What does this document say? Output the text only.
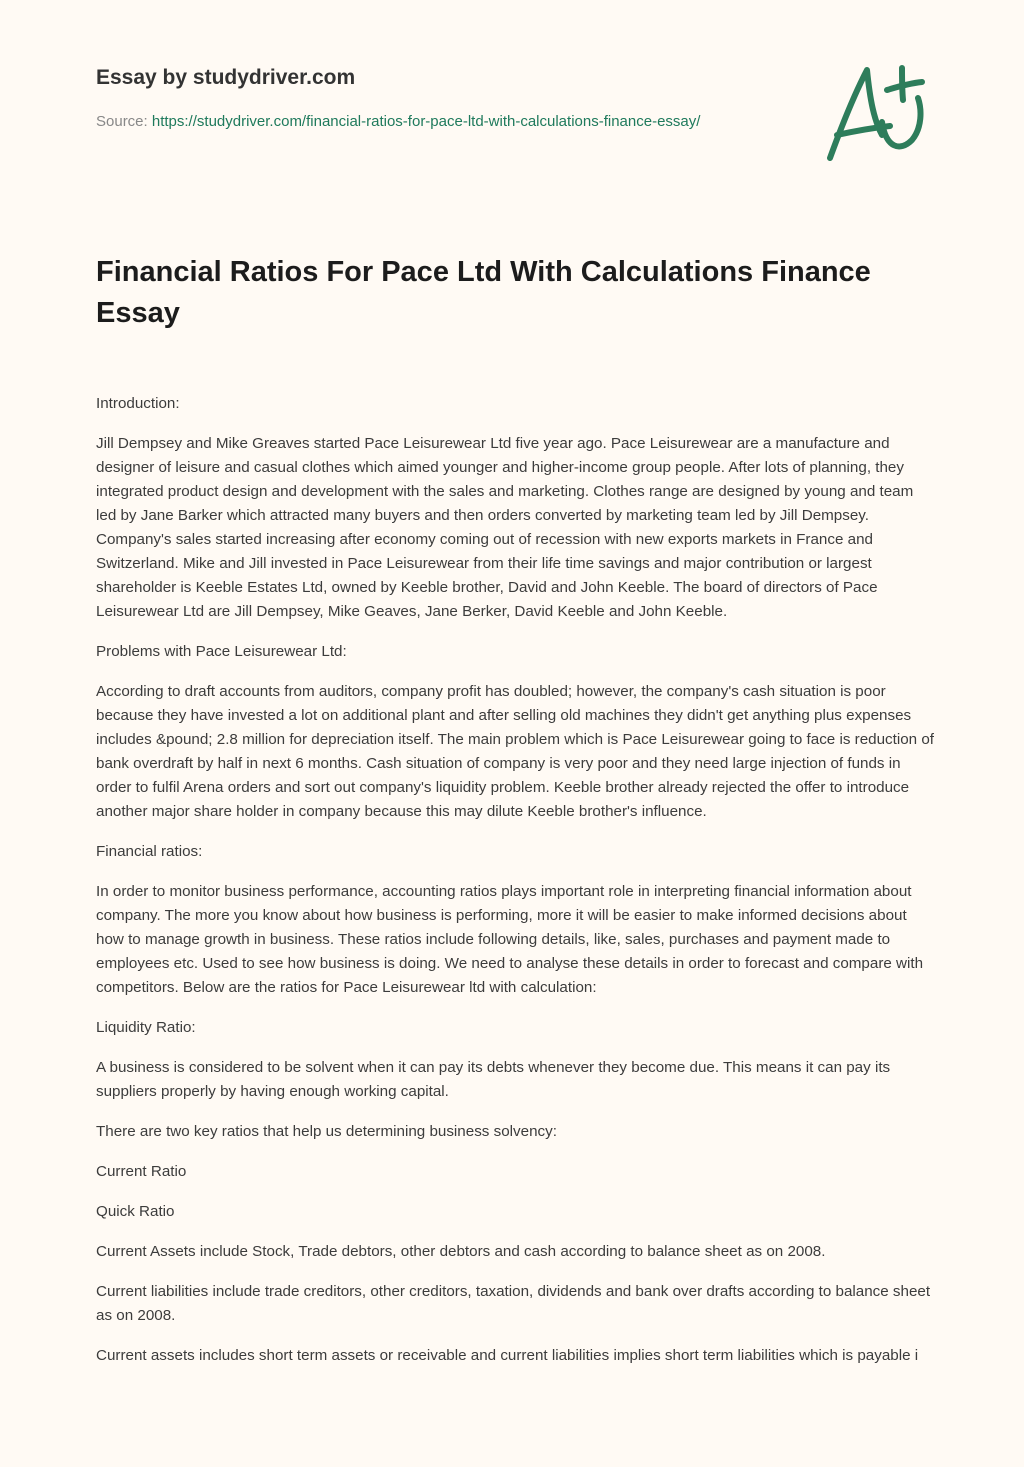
Essay by studydriver.com
Source: https://studydriver.com/financial-ratios-for-pace-ltd-with-calculations-finance-essay/
Financial Ratios For Pace Ltd With Calculations Finance Essay

Introduction:

Jill Dempsey and Mike Greaves started Pace Leisurewear Ltd five year ago. Pace Leisurewear are a manufacture and designer of leisure and casual clothes which aimed younger and higher-income group people. After lots of planning, they integrated product design and development with the sales and marketing. Clothes range are designed by young and team led by Jane Barker which attracted many buyers and then orders converted by marketing team led by Jill Dempsey. Company's sales started increasing after economy coming out of recession with new exports markets in France and Switzerland. Mike and Jill invested in Pace Leisurewear from their life time savings and major contribution or largest shareholder is Keeble Estates Ltd, owned by Keeble brother, David and John Keeble. The board of directors of Pace Leisurewear Ltd are Jill Dempsey, Mike Geaves, Jane Berker, David Keeble and John Keeble.

Problems with Pace Leisurewear Ltd:

According to draft accounts from auditors, company profit has doubled; however, the company's cash situation is poor because they have invested a lot on additional plant and after selling old machines they didn't get anything plus expenses includes &pound; 2.8 million for depreciation itself. The main problem which is Pace Leisurewear going to face is reduction of bank overdraft by half in next 6 months. Cash situation of company is very poor and they need large injection of funds in order to fulfil Arena orders and sort out company's liquidity problem. Keeble brother already rejected the offer to introduce another major share holder in company because this may dilute Keeble brother's influence.

Financial ratios:

In order to monitor business performance, accounting ratios plays important role in interpreting financial information about company. The more you know about how business is performing, more it will be easier to make informed decisions about how to manage growth in business. These ratios include following details, like, sales, purchases and payment made to employees etc. Used to see how business is doing. We need to analyse these details in order to forecast and compare with competitors. Below are the ratios for Pace Leisurewear ltd with calculation:

Liquidity Ratio:

A business is considered to be solvent when it can pay its debts whenever they become due. This means it can pay its suppliers properly by having enough working capital.

There are two key ratios that help us determining business solvency:

Current Ratio

Quick Ratio

Current Assets include Stock, Trade debtors, other debtors and cash according to balance sheet as on 2008.

Current liabilities include trade creditors, other creditors, taxation, dividends and bank over drafts according to balance sheet as on 2008.

Current assets includes short term assets or receivable and current liabilities implies short term liabilities which is payable i
